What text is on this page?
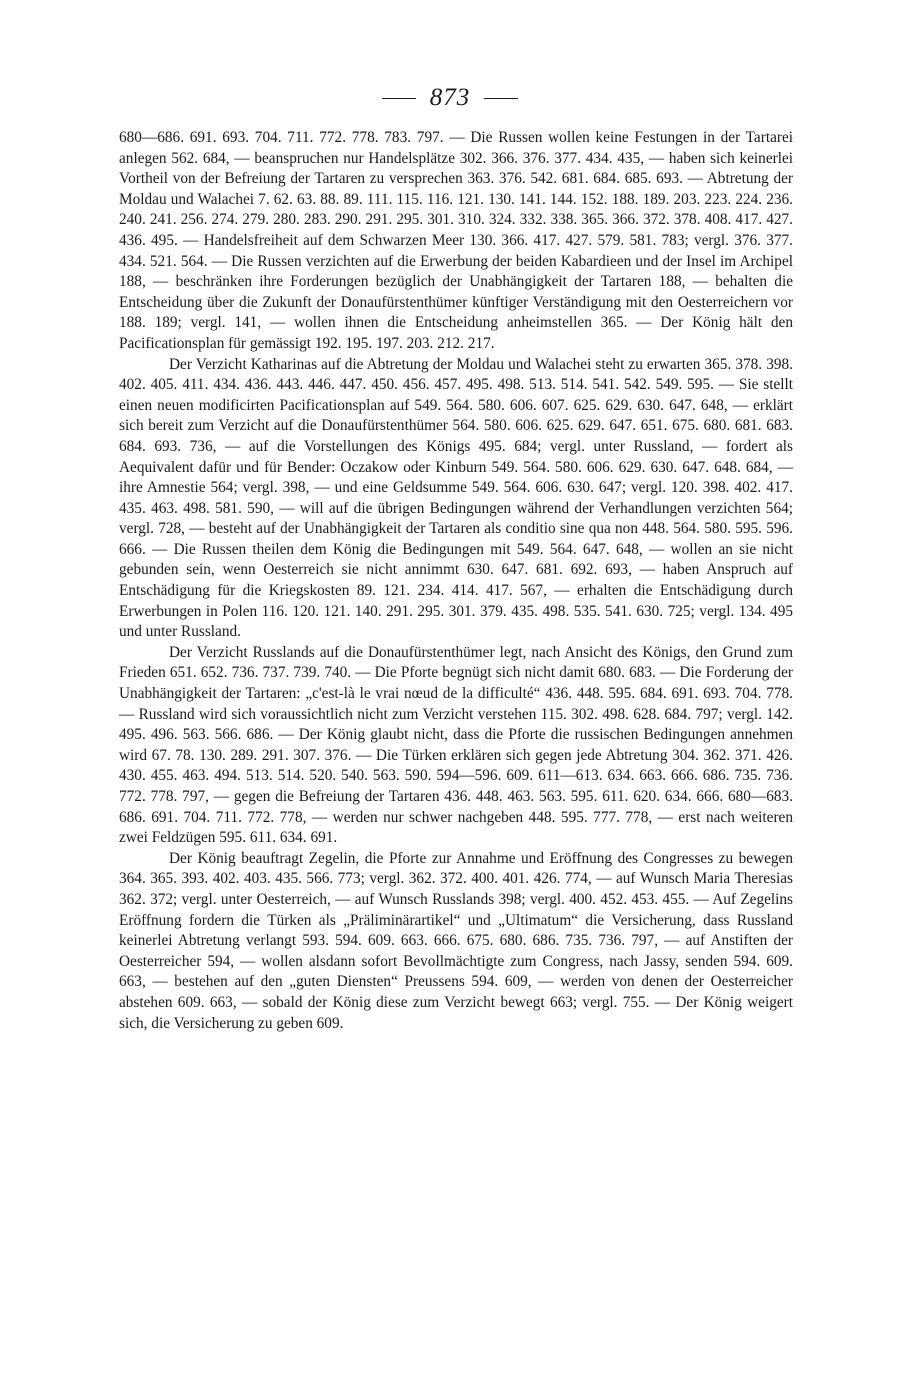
873

680—686. 691. 693. 704. 711. 772. 778. 783. 797. — Die Russen wollen keine Festungen in der Tartarei anlegen 562. 684, — beanspruchen nur Handelsplätze 302. 366. 376. 377. 434. 435, — haben sich keinerlei Vortheil von der Befreiung der Tartaren zu versprechen 363. 376. 542. 681. 684. 685. 693. — Abtretung der Moldau und Walachei 7. 62. 63. 88. 89. 111. 115. 116. 121. 130. 141. 144. 152. 188. 189. 203. 223. 224. 236. 240. 241. 256. 274. 279. 280. 283. 290. 291. 295. 301. 310. 324. 332. 338. 365. 366. 372. 378. 408. 417. 427. 436. 495. — Handelsfreiheit auf dem Schwarzen Meer 130. 366. 417. 427. 579. 581. 783; vergl. 376. 377. 434. 521. 564. — Die Russen verzichten auf die Erwerbung der beiden Kabardieen und der Insel im Archipel 188, — beschränken ihre Forderungen bezüglich der Unabhängigkeit der Tartaren 188, — behalten die Entscheidung über die Zukunft der Donaufürstenthümer künftiger Verständigung mit den Oesterreichern vor 188. 189; vergl. 141, — wollen ihnen die Entscheidung anheimstellen 365. — Der König hält den Pacificationsplan für gemässigt 192. 195. 197. 203. 212. 217.

Der Verzicht Katharinas auf die Abtretung der Moldau und Walachei steht zu erwarten 365. 378. 398. 402. 405. 411. 434. 436. 443. 446. 447. 450. 456. 457. 495. 498. 513. 514. 541. 542. 549. 595. — Sie stellt einen neuen modificirten Pacificationsplan auf 549. 564. 580. 606. 607. 625. 629. 630. 647. 648, — erklärt sich bereit zum Verzicht auf die Donaufürstenthümer 564. 580. 606. 625. 629. 647. 651. 675. 680. 681. 683. 684. 693. 736, — auf die Vorstellungen des Königs 495. 684; vergl. unter Russland, — fordert als Aequivalent dafür und für Bender: Oczakow oder Kinburn 549. 564. 580. 606. 629. 630. 647. 648. 684, — ihre Amnestie 564; vergl. 398, — und eine Geldsumme 549. 564. 606. 630. 647; vergl. 120. 398. 402. 417. 435. 463. 498. 581. 590, — will auf die übrigen Bedingungen während der Verhandlungen verzichten 564; vergl. 728, — besteht auf der Unabhängigkeit der Tartaren als conditio sine qua non 448. 564. 580. 595. 596. 666. — Die Russen theilen dem König die Bedingungen mit 549. 564. 647. 648, — wollen an sie nicht gebunden sein, wenn Oesterreich sie nicht annimmt 630. 647. 681. 692. 693, — haben Anspruch auf Entschädigung für die Kriegskosten 89. 121. 234. 414. 417. 567, — erhalten die Entschädigung durch Erwerbungen in Polen 116. 120. 121. 140. 291. 295. 301. 379. 435. 498. 535. 541. 630. 725; vergl. 134. 495 und unter Russland.

Der Verzicht Russlands auf die Donaufürstenthümer legt, nach Ansicht des Königs, den Grund zum Frieden 651. 652. 736. 737. 739. 740. — Die Pforte begnügt sich nicht damit 680. 683. — Die Forderung der Unabhängigkeit der Tartaren: „c'est-là le vrai nœud de la difficulté“ 436. 448. 595. 684. 691. 693. 704. 778. — Russland wird sich voraussichtlich nicht zum Verzicht verstehen 115. 302. 498. 628. 684. 797; vergl. 142. 495. 496. 563. 566. 686. — Der König glaubt nicht, dass die Pforte die russischen Bedingungen annehmen wird 67. 78. 130. 289. 291. 307. 376. — Die Türken erklären sich gegen jede Abtretung 304. 362. 371. 426. 430. 455. 463. 494. 513. 514. 520. 540. 563. 590. 594—596. 609. 611—613. 634. 663. 666. 686. 735. 736. 772. 778. 797, — gegen die Befreiung der Tartaren 436. 448. 463. 563. 595. 611. 620. 634. 666. 680—683. 686. 691. 704. 711. 772. 778, — werden nur schwer nachgeben 448. 595. 777. 778, — erst nach weiteren zwei Feldzügen 595. 611. 634. 691.

Der König beauftragt Zegelin, die Pforte zur Annahme und Eröffnung des Congresses zu bewegen 364. 365. 393. 402. 403. 435. 566. 773; vergl. 362. 372. 400. 401. 426. 774, — auf Wunsch Maria Theresias 362. 372; vergl. unter Oesterreich, — auf Wunsch Russlands 398; vergl. 400. 452. 453. 455. — Auf Zegelins Eröffnung fordern die Türken als „Präliminärartikel“ und „Ultimatum“ die Versicherung, dass Russland keinerlei Abtretung verlangt 593. 594. 609. 663. 666. 675. 680. 686. 735. 736. 797, — auf Anstiften der Oesterreicher 594, — wollen alsdann sofort Bevollmächtigte zum Congress, nach Jassy, senden 594. 609. 663, — bestehen auf den „guten Diensten“ Preussens 594. 609, — werden von denen der Oesterreicher abstehen 609. 663, — sobald der König diese zum Verzicht bewegt 663; vergl. 755. — Der König weigert sich, die Versicherung zu geben 609.
